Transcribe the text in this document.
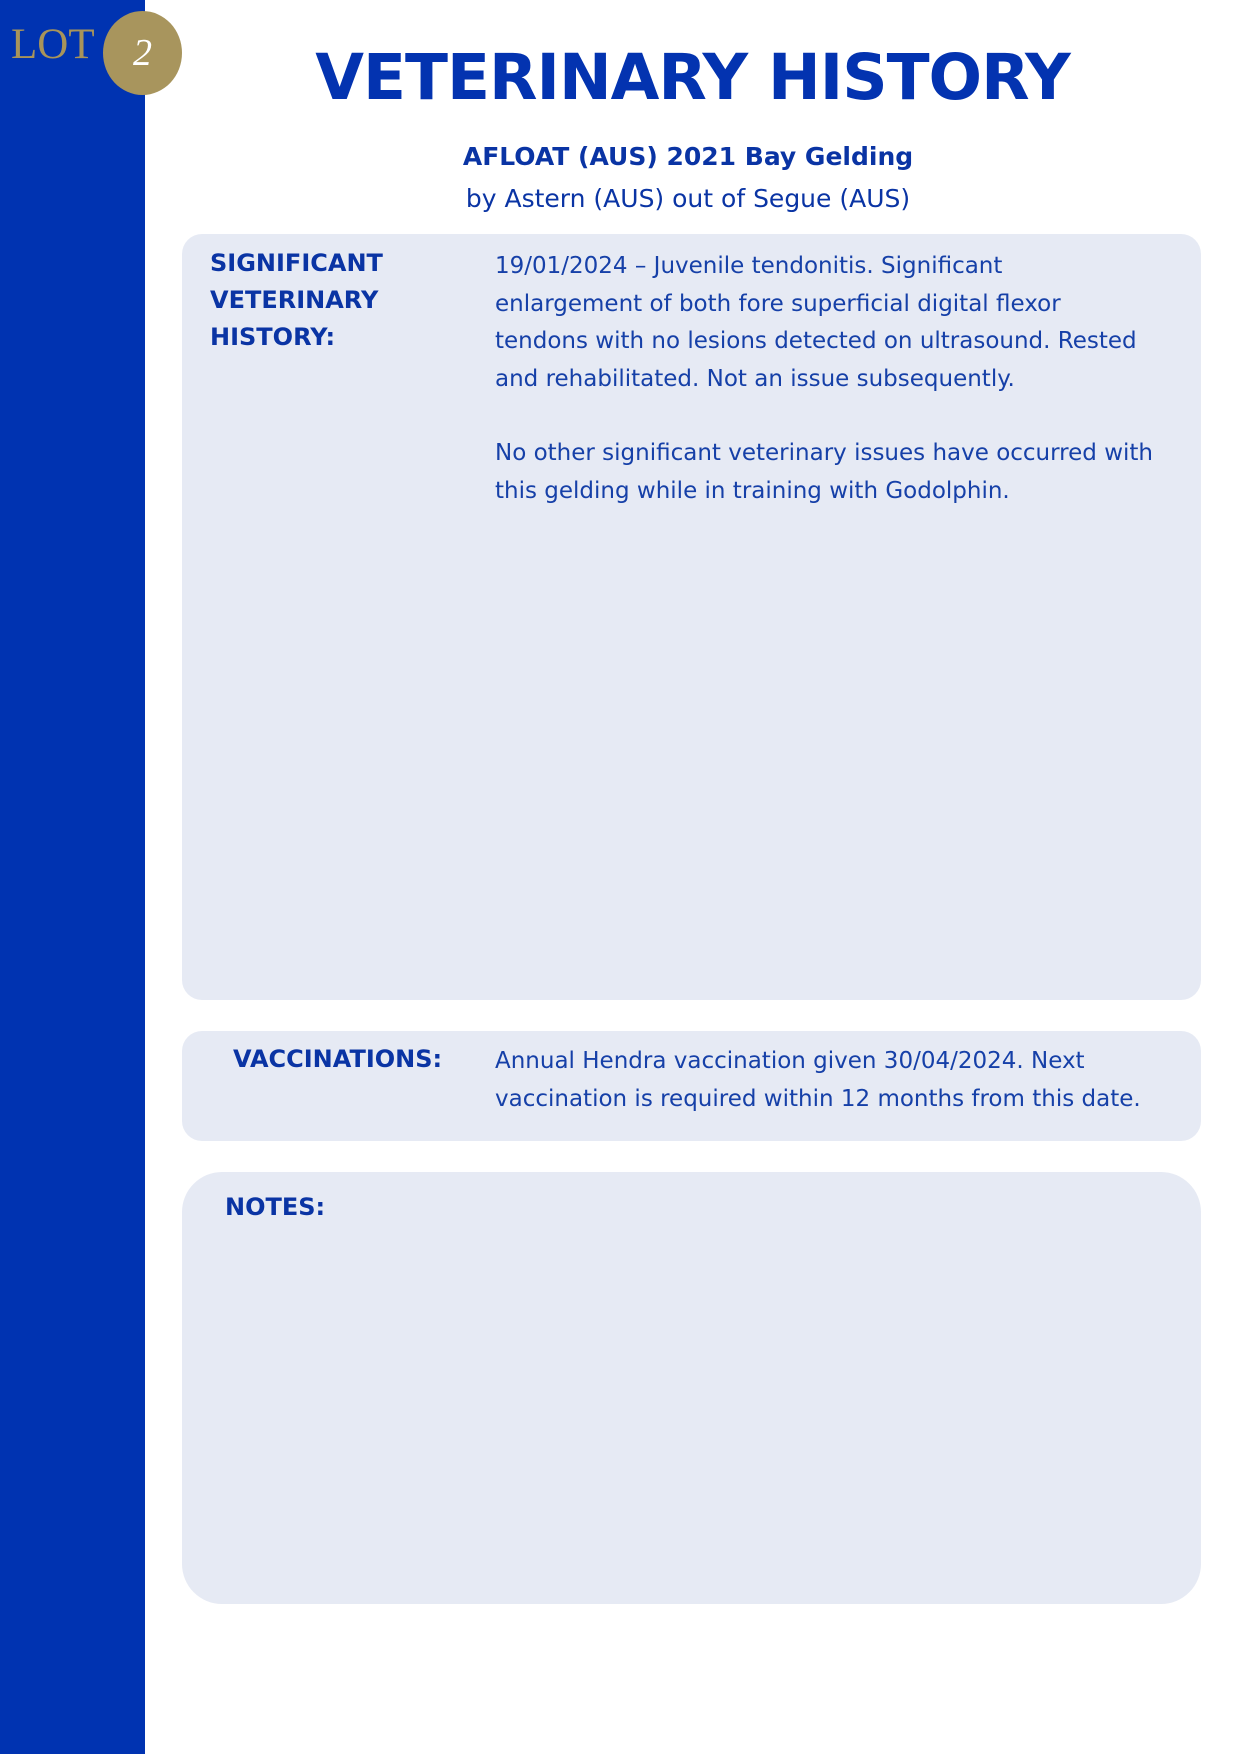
LOT 2	VETERINARY HISTORY
AFLOAT (AUS) 2021 Bay Gelding
by Astern (AUS) out of Segue (AUS)
SIGNIFICANT
VETERINARY
HISTORY:
19/01/2024 – Juvenile tendonitis. Significant
enlargement of both fore superficial digital flexor
tendons with no lesions detected on ultrasound. Rested
and rehabilitated. Not an issue subsequently.
No other significant veterinary issues have occurred with
this gelding while in training with Godolphin.
VACCINATIONS: Annual Hendra vaccination given 30/04/2024. Next
vaccination is required within 12 months from this date.
NOTES:
